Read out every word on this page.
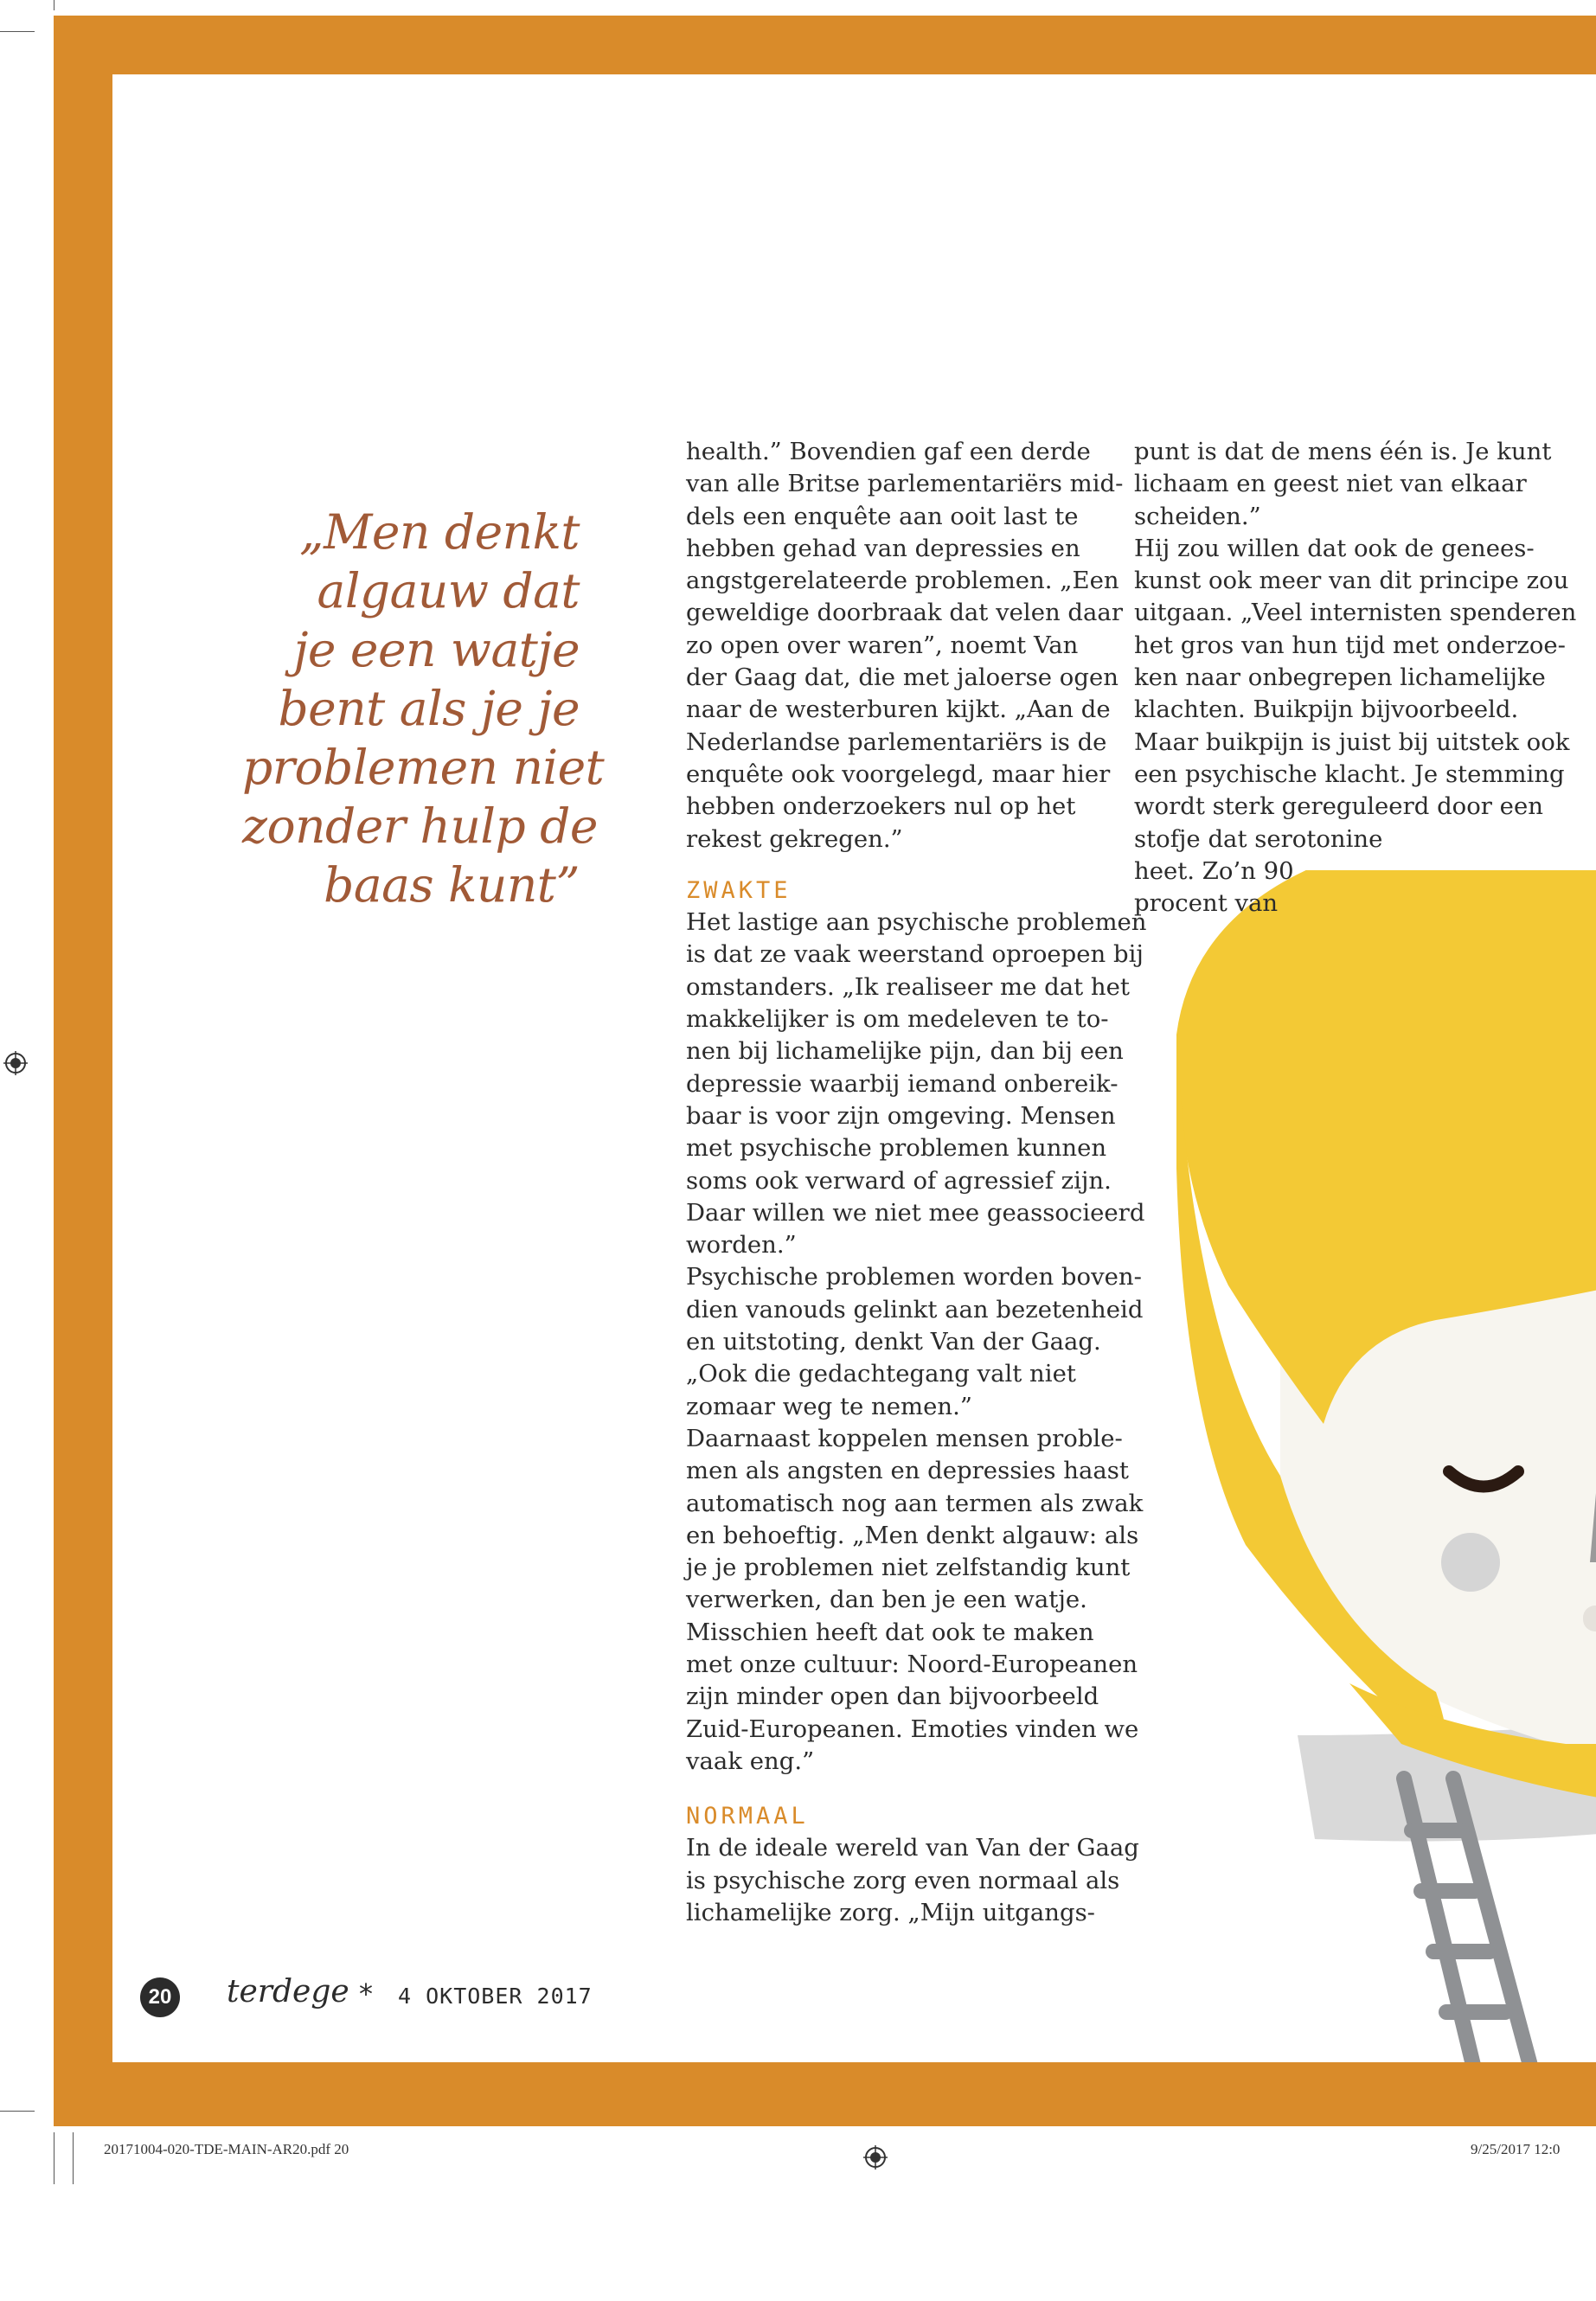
„Men denkt
algauw dat
je een watje
bent als je je
problemen niet
zonder hulp de
baas kunt”
health.” Bovendien gaf een derde
van alle Britse parlementariërs mid-
dels een enquête aan ooit last te
hebben gehad van depressies en
angstgerelateerde problemen. „Een
geweldige doorbraak dat velen daar
zo open over waren”, noemt Van
der Gaag dat, die met jaloerse ogen
naar de westerburen kijkt. „Aan de
Nederlandse parlementariërs is de
enquête ook voorgelegd, maar hier
hebben onderzoekers nul op het
rekest gekregen.”
ZWAKTE
Het lastige aan psychische problemen
is dat ze vaak weerstand oproepen bij
omstanders. „Ik realiseer me dat het
makkelijker is om medeleven te to-
nen bij lichamelijke pijn, dan bij een
depressie waarbij iemand onbereik-
baar is voor zijn omgeving. Mensen
met psychische problemen kunnen
soms ook verward of agressief zijn.
Daar willen we niet mee geassocieerd
worden.”
Psychische problemen worden boven-
dien vanouds gelinkt aan bezetenheid
en uitstoting, denkt Van der Gaag.
„Ook die gedachtegang valt niet
zomaar weg te nemen.”
Daarnaast koppelen mensen proble-
men als angsten en depressies haast
automatisch nog aan termen als zwak
en behoeftig. „Men denkt algauw: als
je je problemen niet zelfstandig kunt
verwerken, dan ben je een watje.
Misschien heeft dat ook te maken
met onze cultuur: Noord-Europeanen
zijn minder open dan bijvoorbeeld
Zuid-Europeanen. Emoties vinden we
vaak eng.”
NORMAAL
In de ideale wereld van Van der Gaag
is psychische zorg even normaal als
lichamelijke zorg. „Mijn uitgangs-
punt is dat de mens één is. Je kunt
lichaam en geest niet van elkaar
scheiden.”
Hij zou willen dat ook de genees-
kunst ook meer van dit principe zou
uitgaan. „Veel internisten spenderen
het gros van hun tijd met onderzoe-
ken naar onbegrepen lichamelijke
klachten. Buikpijn bijvoorbeeld.
Maar buikpijn is juist bij uitstek ook
een psychische klacht. Je stemming
wordt sterk gereguleerd door een
stofje dat serotonine
heet. Zo’n 90
procent van
20 terdege * 4 OKTOBER 2017
20171004-020-TDE-MAIN-AR20.pdf 20	9/25/2017 12:0
